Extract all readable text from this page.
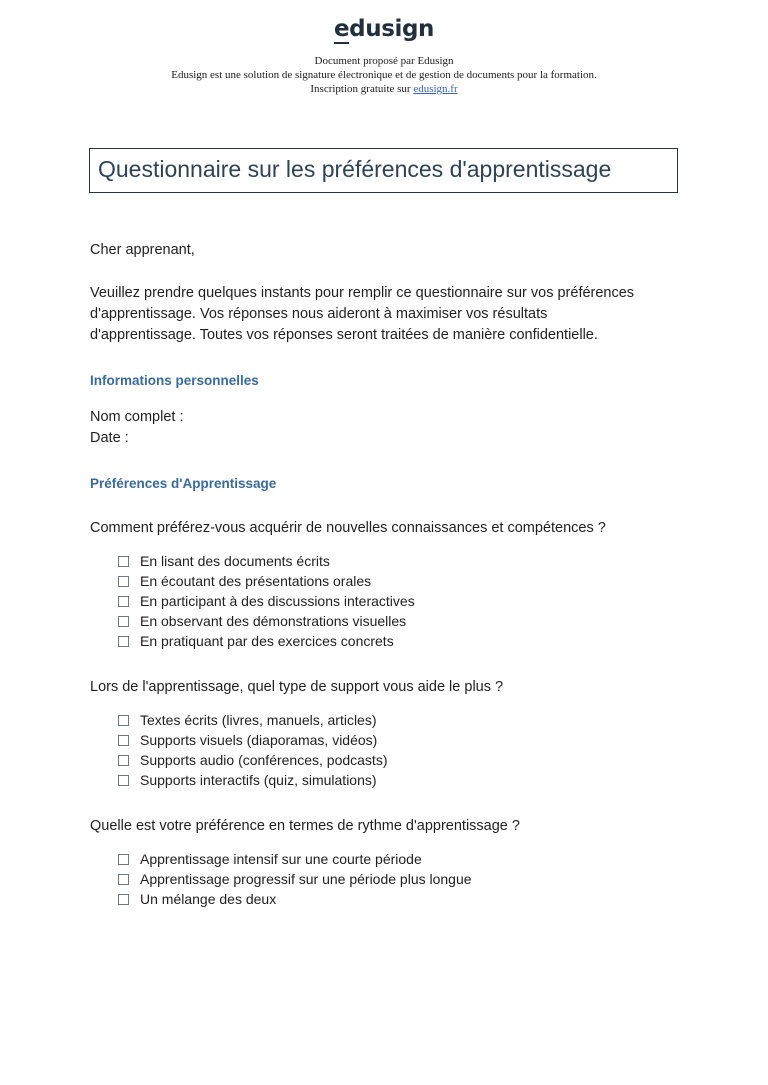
edusign
Document proposé par Edusign
Edusign est une solution de signature électronique et de gestion de documents pour la formation.
Inscription gratuite sur edusign.fr
Questionnaire sur les préférences d'apprentissage
Cher apprenant,
Veuillez prendre quelques instants pour remplir ce questionnaire sur vos préférences d'apprentissage. Vos réponses nous aideront à maximiser vos résultats d'apprentissage. Toutes vos réponses seront traitées de manière confidentielle.
Informations personnelles
Nom complet :
Date :
Préférences d'Apprentissage
Comment préférez-vous acquérir de nouvelles connaissances et compétences ?
En lisant des documents écrits
En écoutant des présentations orales
En participant à des discussions interactives
En observant des démonstrations visuelles
En pratiquant par des exercices concrets
Lors de l'apprentissage, quel type de support vous aide le plus ?
Textes écrits (livres, manuels, articles)
Supports visuels (diaporamas, vidéos)
Supports audio (conférences, podcasts)
Supports interactifs (quiz, simulations)
Quelle est votre préférence en termes de rythme d'apprentissage ?
Apprentissage intensif sur une courte période
Apprentissage progressif sur une période plus longue
Un mélange des deux
